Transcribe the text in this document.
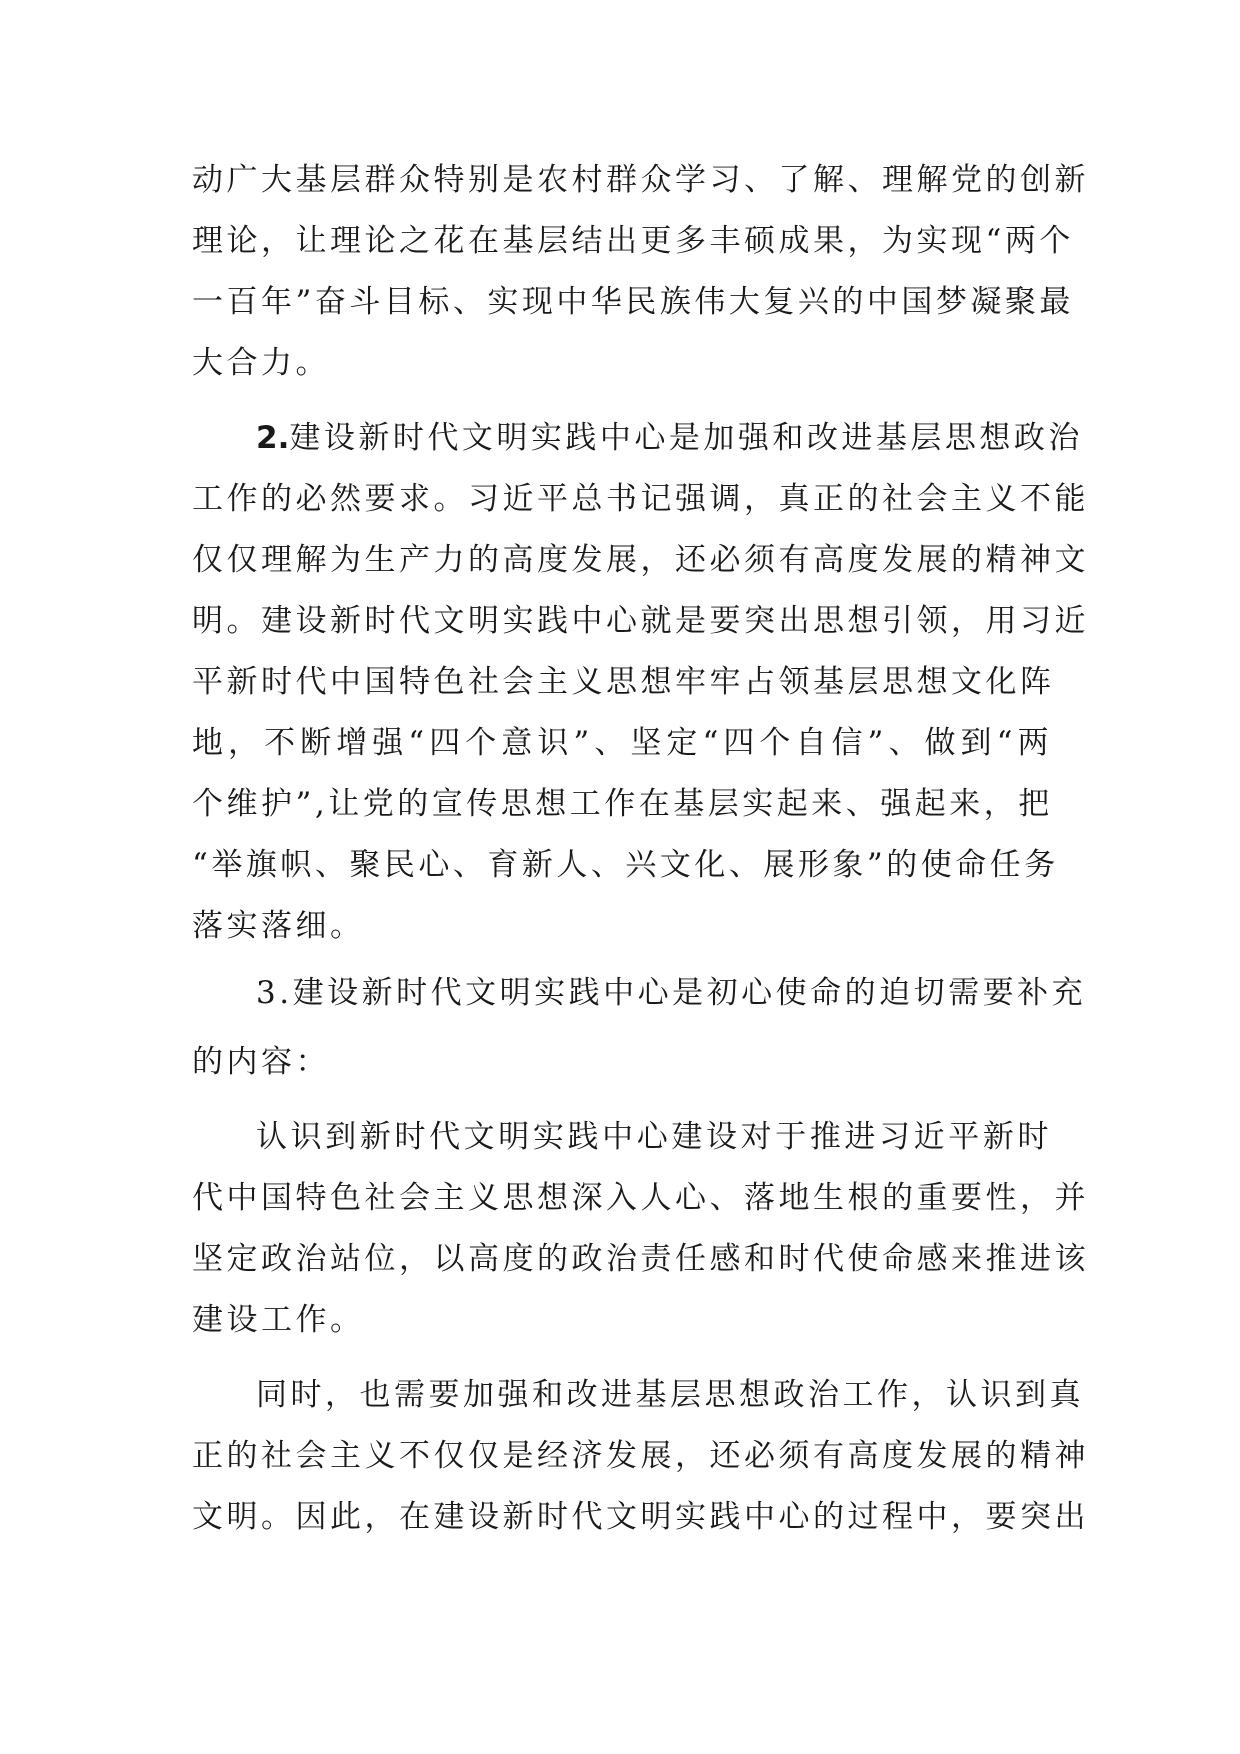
动广大基层群众特别是农村群众学习、了解、理解党的创新
理论，让理论之花在基层结出更多丰硕成果，为实现“两个
一百年”奋斗目标、实现中华民族伟大复兴的中国梦凝聚最
大合力。
2.建设新时代文明实践中心是加强和改进基层思想政治
工作的必然要求。习近平总书记强调，真正的社会主义不能
仅仅理解为生产力的高度发展，还必须有高度发展的精神文
明。建设新时代文明实践中心就是要突出思想引领，用习近
平新时代中国特色社会主义思想牢牢占领基层思想文化阵
地，不断增强“四个意识”、坚定“四个自信”、做到“两
个维护”,让党的宣传思想工作在基层实起来、强起来，把
“举旗帜、聚民心、育新人、兴文化、展形象”的使命任务
落实落细。
3.建设新时代文明实践中心是初心使命的迫切需要补充
的内容：
认识到新时代文明实践中心建设对于推进习近平新时
代中国特色社会主义思想深入人心、落地生根的重要性，并
坚定政治站位，以高度的政治责任感和时代使命感来推进该
建设工作。
同时，也需要加强和改进基层思想政治工作，认识到真
正的社会主义不仅仅是经济发展，还必须有高度发展的精神
文明。因此，在建设新时代文明实践中心的过程中，要突出
